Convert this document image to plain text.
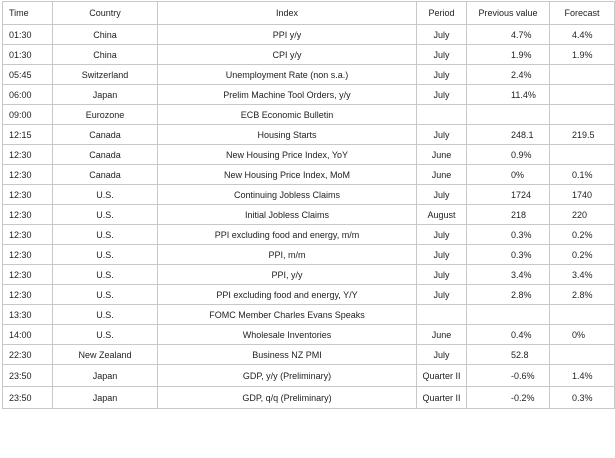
Time	Country	Index	Period	Previous value	Forecast
01:30	China	PPI y/y	July	4.7%	4.4%
01:30	China	CPI y/y	July	1.9%	1.9%
05:45	Switzerland	Unemployment Rate (non s.a.)	July	2.4%	
06:00	Japan	Prelim Machine Tool Orders, y/y	July	11.4%	
09:00	Eurozone	ECB Economic Bulletin			
12:15	Canada	Housing Starts	July	248.1	219.5
12:30	Canada	New Housing Price Index, YoY	June	0.9%	
12:30	Canada	New Housing Price Index, MoM	June	0%	0.1%
12:30	U.S.	Continuing Jobless Claims	July	1724	1740
12:30	U.S.	Initial Jobless Claims	August	218	220
12:30	U.S.	PPI excluding food and energy, m/m	July	0.3%	0.2%
12:30	U.S.	PPI, m/m	July	0.3%	0.2%
12:30	U.S.	PPI, y/y	July	3.4%	3.4%
12:30	U.S.	PPI excluding food and energy, Y/Y	July	2.8%	2.8%
13:30	U.S.	FOMC Member Charles Evans Speaks			
14:00	U.S.	Wholesale Inventories	June	0.4%	0%
22:30	New Zealand	Business NZ PMI	July	52.8	
23:50	Japan	GDP, y/y (Preliminary)	Quarter II	-0.6%	1.4%
23:50	Japan	GDP, q/q (Preliminary)	Quarter II	-0.2%	0.3%
